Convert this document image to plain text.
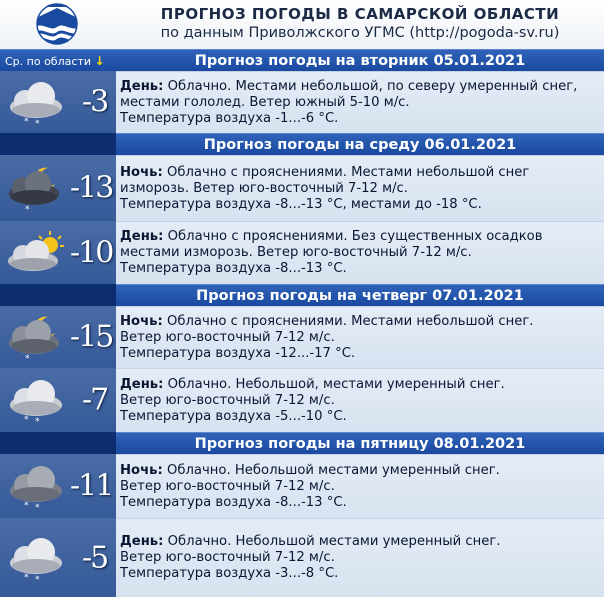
ПРОГНОЗ ПОГОДЫ В САМАРСКОЙ ОБЛАСТИ
по данным Приволжского УГМС (http://pogoda-sv.ru)
Ср. по области ↓	Прогноз погоды на вторник 05.01.2021
* *
-3 День: Облачно. Местами небольшой, по северу умеренный снег,
местами гололед. Ветер южный 5-10 м/с.
Температура воздуха -1...-6 °С.
Прогноз погоды на среду 06.01.2021
*
-13 Ночь: Облачно с прояснениями. Местами небольшой снег
изморозь. Ветер юго-восточный 7-12 м/с.
Температура воздуха -8...-13 °С, местами до -18 °С.
-10 День: Облачно с прояснениями. Без существенных осадков
местами изморозь. Ветер юго-восточный 7-12 м/с.
Температура воздуха -8...-13 °С.
Прогноз погоды на четверг 07.01.2021
*
-15 Ночь: Облачно с прояснениями. Местами небольшой снег.
Ветер юго-восточный 7-12 м/с.
Температура воздуха -12...-17 °С.
* *
-7 День: Облачно. Небольшой, местами умеренный снег.
Ветер юго-восточный 7-12 м/с.
Температура воздуха -5...-10 °С.
Прогноз погоды на пятницу 08.01.2021
* *
-11 Ночь: Облачно. Небольшой местами умеренный снег.
Ветер юго-восточный 7-12 м/с.
Температура воздуха -8...-13 °С.
* *
-5 День: Облачно. Небольшой местами умеренный снег.
Ветер юго-восточный 7-12 м/с.
Температура воздуха -3...-8 °С.
